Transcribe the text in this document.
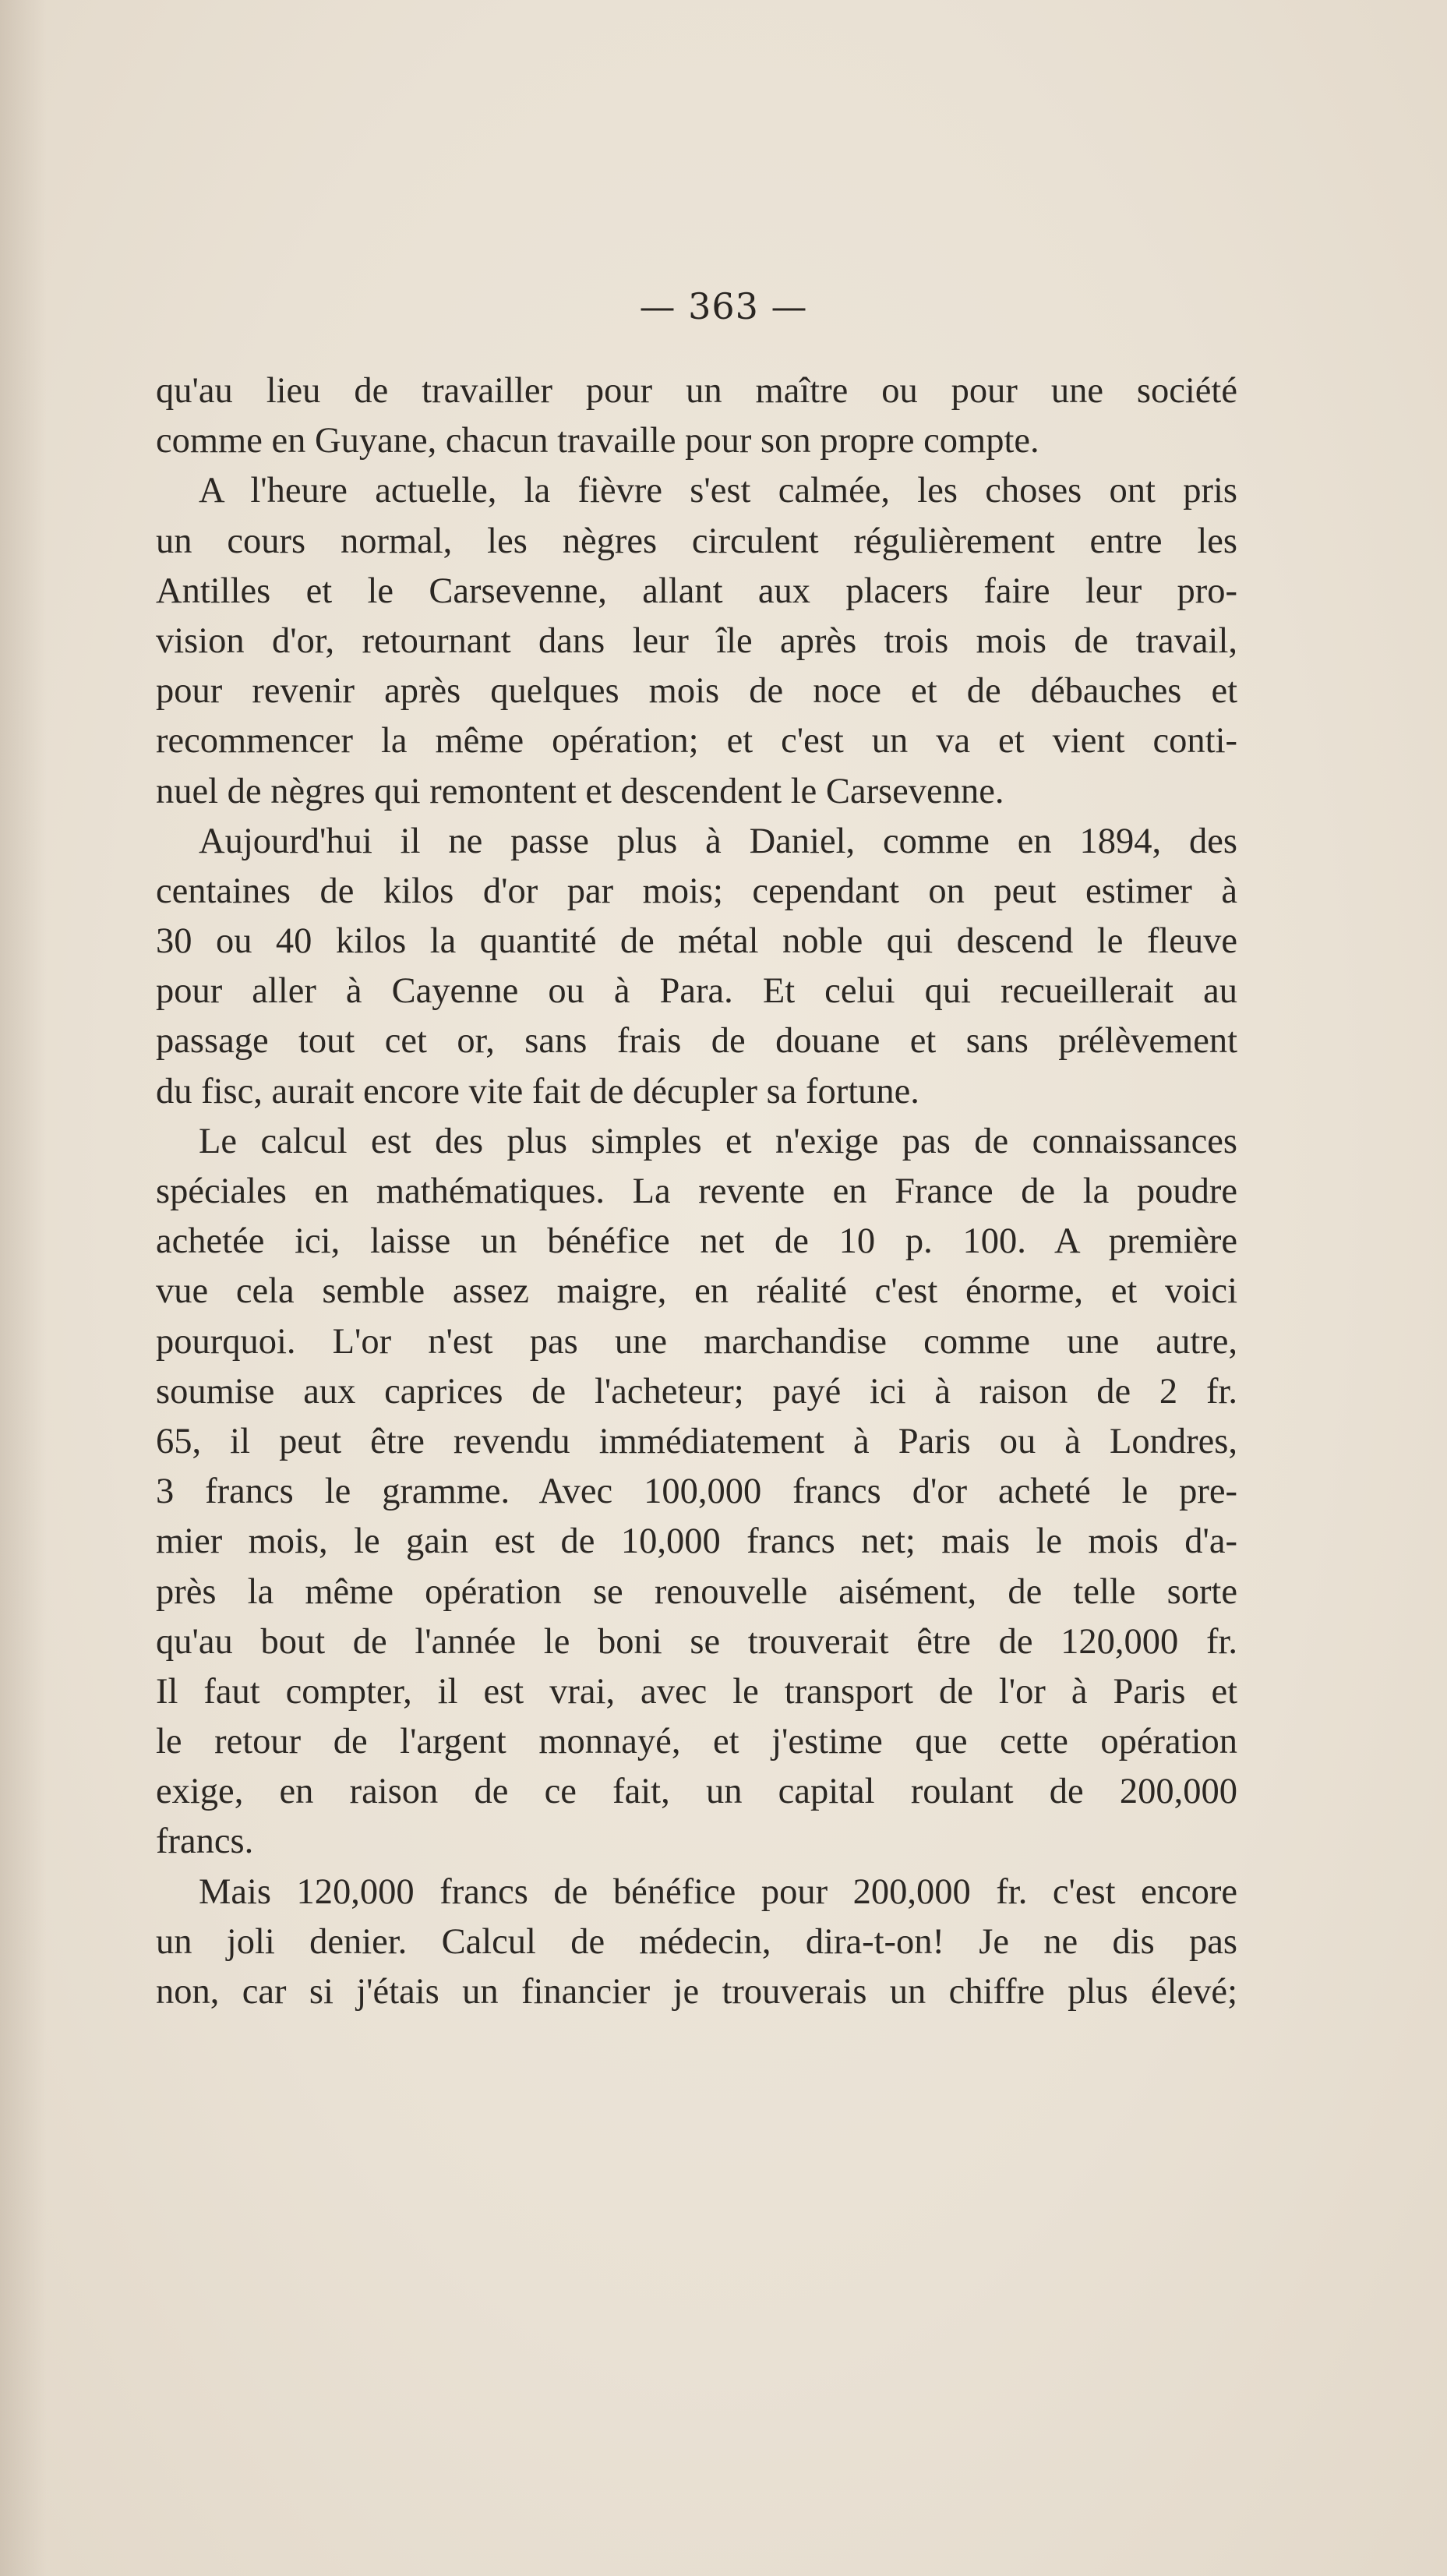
— 363 —
qu'au lieu de travailler pour un maître ou pour une société
comme en Guyane, chacun travaille pour son propre compte.
A l'heure actuelle, la fièvre s'est calmée, les choses ont pris
un cours normal, les nègres circulent régulièrement entre les
Antilles et le Carsevenne, allant aux placers faire leur pro-
vision d'or, retournant dans leur île après trois mois de travail,
pour revenir après quelques mois de noce et de débauches et
recommencer la même opération; et c'est un va et vient conti-
nuel de nègres qui remontent et descendent le Carsevenne.
Aujourd'hui il ne passe plus à Daniel, comme en 1894, des
centaines de kilos d'or par mois; cependant on peut estimer à
30 ou 40 kilos la quantité de métal noble qui descend le fleuve
pour aller à Cayenne ou à Para. Et celui qui recueillerait au
passage tout cet or, sans frais de douane et sans prélèvement
du fisc, aurait encore vite fait de décupler sa fortune.
Le calcul est des plus simples et n'exige pas de connaissances
spéciales en mathématiques. La revente en France de la poudre
achetée ici, laisse un bénéfice net de 10 p. 100. A première
vue cela semble assez maigre, en réalité c'est énorme, et voici
pourquoi. L'or n'est pas une marchandise comme une autre,
soumise aux caprices de l'acheteur; payé ici à raison de 2 fr.
65, il peut être revendu immédiatement à Paris ou à Londres,
3 francs le gramme. Avec 100,000 francs d'or acheté le pre-
mier mois, le gain est de 10,000 francs net; mais le mois d'a-
près la même opération se renouvelle aisément, de telle sorte
qu'au bout de l'année le boni se trouverait être de 120,000 fr.
Il faut compter, il est vrai, avec le transport de l'or à Paris et
le retour de l'argent monnayé, et j'estime que cette opération
exige, en raison de ce fait, un capital roulant de 200,000
francs.
Mais 120,000 francs de bénéfice pour 200,000 fr. c'est encore
un joli denier. Calcul de médecin, dira-t-on! Je ne dis pas
non, car si j'étais un financier je trouverais un chiffre plus élevé;
